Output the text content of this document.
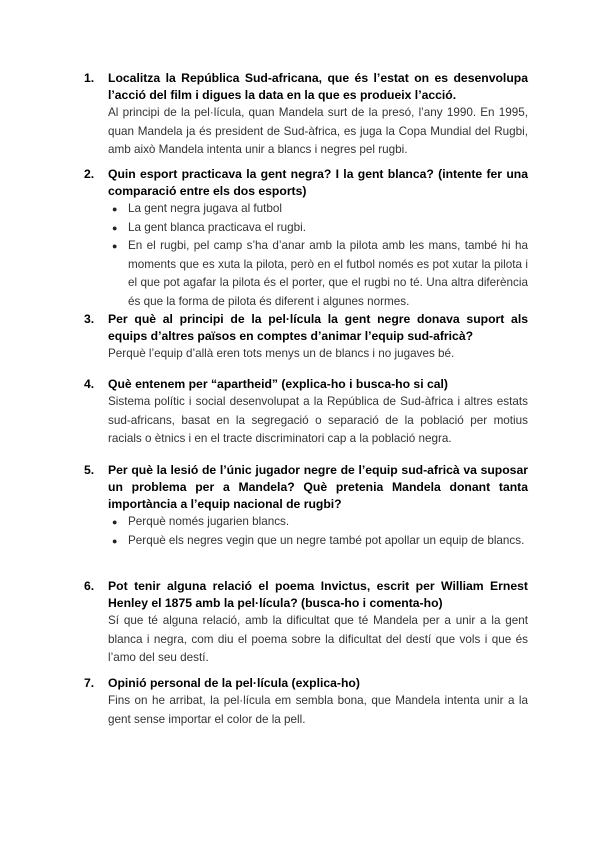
1.	Localitza la República Sud-africana, que és l’estat on es desenvolupa l’acció del film i digues la data en la que es produeix l’acció.

Al principi de la pel·lícula, quan Mandela surt de la presó, l’any 1990. En 1995, quan Mandela ja és president de Sud-àfrica, es juga la Copa Mundial del Rugbi, amb això Mandela intenta unir a blancs i negres pel rugbi.

2.	Quin esport practicava la gent negra? I la gent blanca? (intente fer una comparació entre els dos esports)

● La gent negra jugava al futbol
● La gent blanca practicava el rugbi.
● En el rugbi, pel camp s’ha d’anar amb la pilota amb les mans, també hi ha moments que es xuta la pilota, però en el futbol només es pot xutar la pilota i el que pot agafar la pilota és el porter, que el rugbi no té. Una altra diferència és que la forma de pilota és diferent i algunes normes.
3.	Per què al principi de la pel·lícula la gent negre donava suport als equips d’altres països en comptes d’animar l’equip sud-africà?

Perquè l’equip d’allà eren tots menys un de blancs i no jugaves bé.

4.	Què entenem per “apartheid” (explica-ho i busca-ho si cal)

Sistema polític i social desenvolupat a la República de Sud-àfrica i altres estats sud-africans, basat en la segregació o separació de la població per motius racials o ètnics i en el tracte discriminatori cap a la població negra.

5.	Per què la lesió de l’únic jugador negre de l’equip sud-africà va suposar un problema per a Mandela? Què pretenia Mandela donant tanta importància a l’equip nacional de rugbi?

● Perquè només jugarien blancs.
● Perquè els negres vegin que un negre també pot apollar un equip de blancs.
6.	Pot tenir alguna relació el poema Invictus, escrit per William Ernest Henley el 1875 amb la pel·lícula? (busca-ho i comenta-ho)

Sí que té alguna relació, amb la dificultat que té Mandela per a unir a la gent blanca i negra, com diu el poema sobre la dificultat del destí que vols i que és l’amo del seu destí.

7.	Opinió personal de la pel·lícula (explica-ho)

Fins on he arribat, la pel·lícula em sembla bona, que Mandela intenta unir a la gent sense importar el color de la pell.
